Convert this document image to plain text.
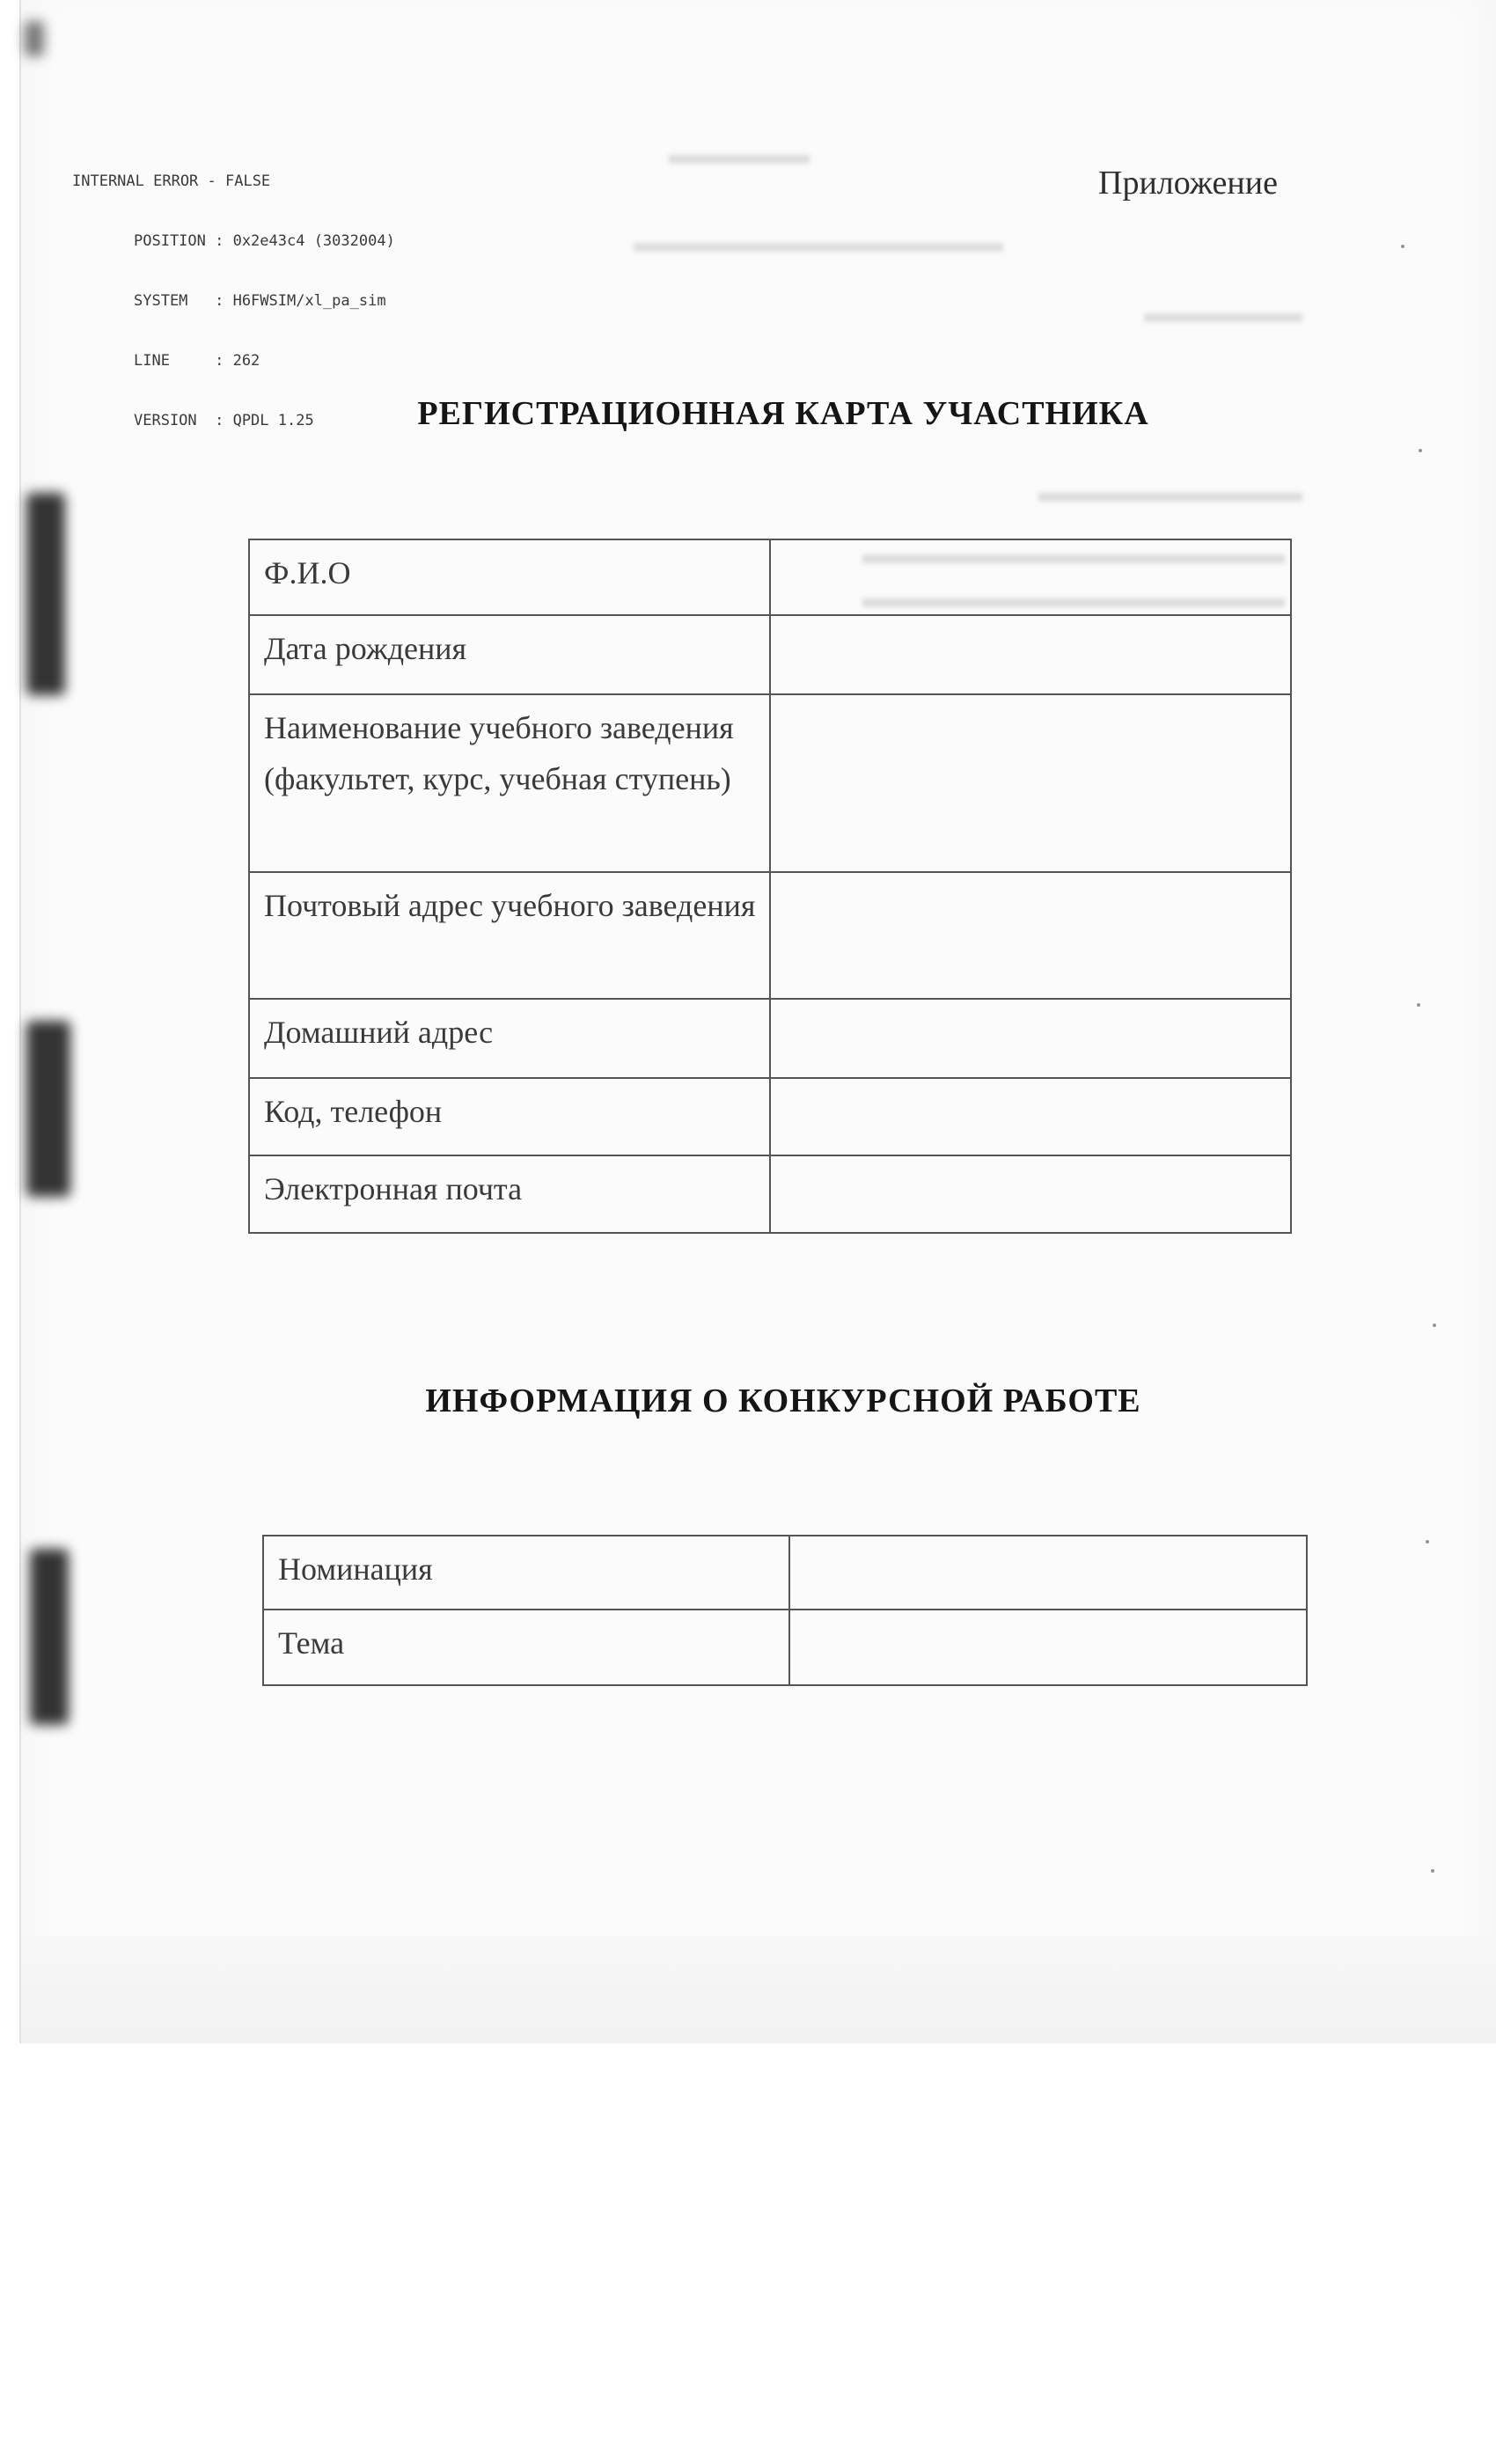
INTERNAL ERROR - FALSE
POSITION : 0x2e43c4 (3032004)
SYSTEM   : H6FWSIM/xl_pa_sim
LINE     : 262
VERSION  : QPDL 1.25
Приложение
РЕГИСТРАЦИОННАЯ КАРТА УЧАСТНИКА
Ф.И.О	
Дата рождения	
Наименование учебного заведения (факультет, курс, учебная ступень)	
Почтовый адрес учебного заведения	
Домашний адрес	
Код, телефон	
Электронная почта	
ИНФОРМАЦИЯ О КОНКУРСНОЙ РАБОТЕ
Номинация	
Тема	
